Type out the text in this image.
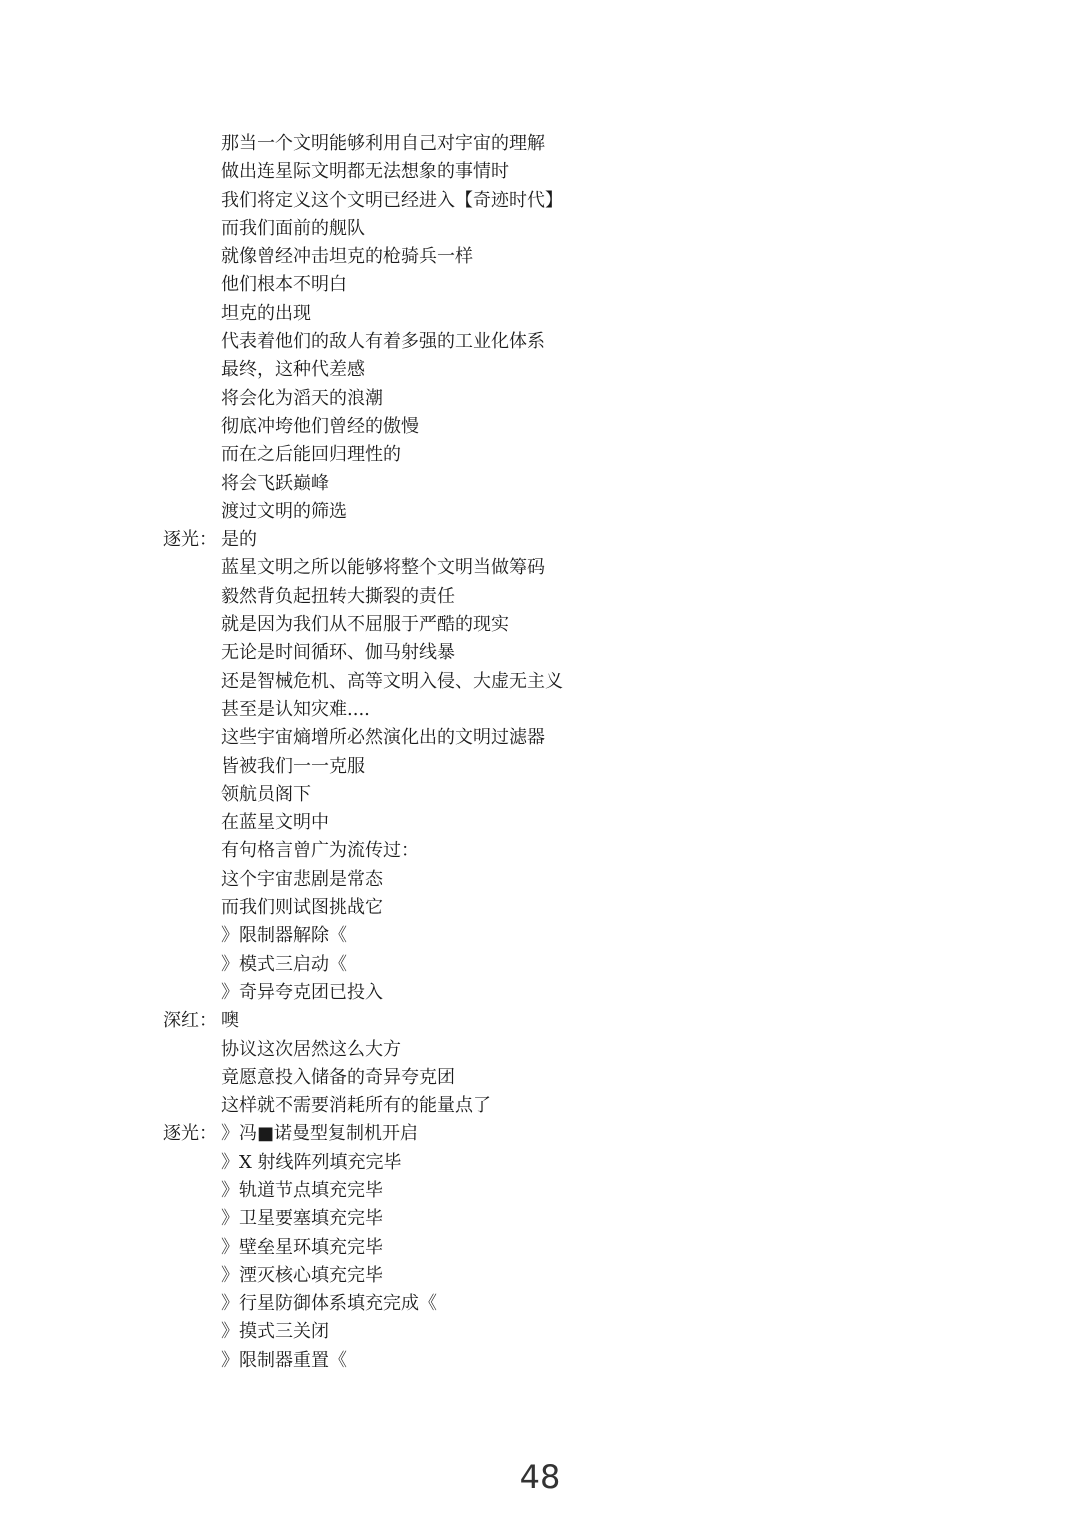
那当一个文明能够利用自己对宇宙的理解
做出连星际文明都无法想象的事情时
我们将定义这个文明已经进入【奇迹时代】
而我们面前的舰队
就像曾经冲击坦克的枪骑兵一样
他们根本不明白
坦克的出现
代表着他们的敌人有着多强的工业化体系
最终，这种代差感
将会化为滔天的浪潮
彻底冲垮他们曾经的傲慢
而在之后能回归理性的
将会飞跃巅峰
渡过文明的筛选
逐光： 是的
蓝星文明之所以能够将整个文明当做筹码
毅然背负起扭转大撕裂的责任
就是因为我们从不屈服于严酷的现实
无论是时间循环、伽马射线暴
还是智械危机、高等文明入侵、大虚无主义
甚至是认知灾难....
这些宇宙熵增所必然演化出的文明过滤器
皆被我们一一克服
领航员阁下
在蓝星文明中
有句格言曾广为流传过：
这个宇宙悲剧是常态
而我们则试图挑战它
》限制器解除《
》模式三启动《
》奇异夸克团已投入
深红： 噢
协议这次居然这么大方
竟愿意投入储备的奇异夸克团
这样就不需要消耗所有的能量点了
逐光： 》冯■诺曼型复制机开启
》X 射线阵列填充完毕
》轨道节点填充完毕
》卫星要塞填充完毕
》壁垒星环填充完毕
》湮灭核心填充完毕
》行星防御体系填充完成《
》摸式三关闭
》限制器重置《
48
